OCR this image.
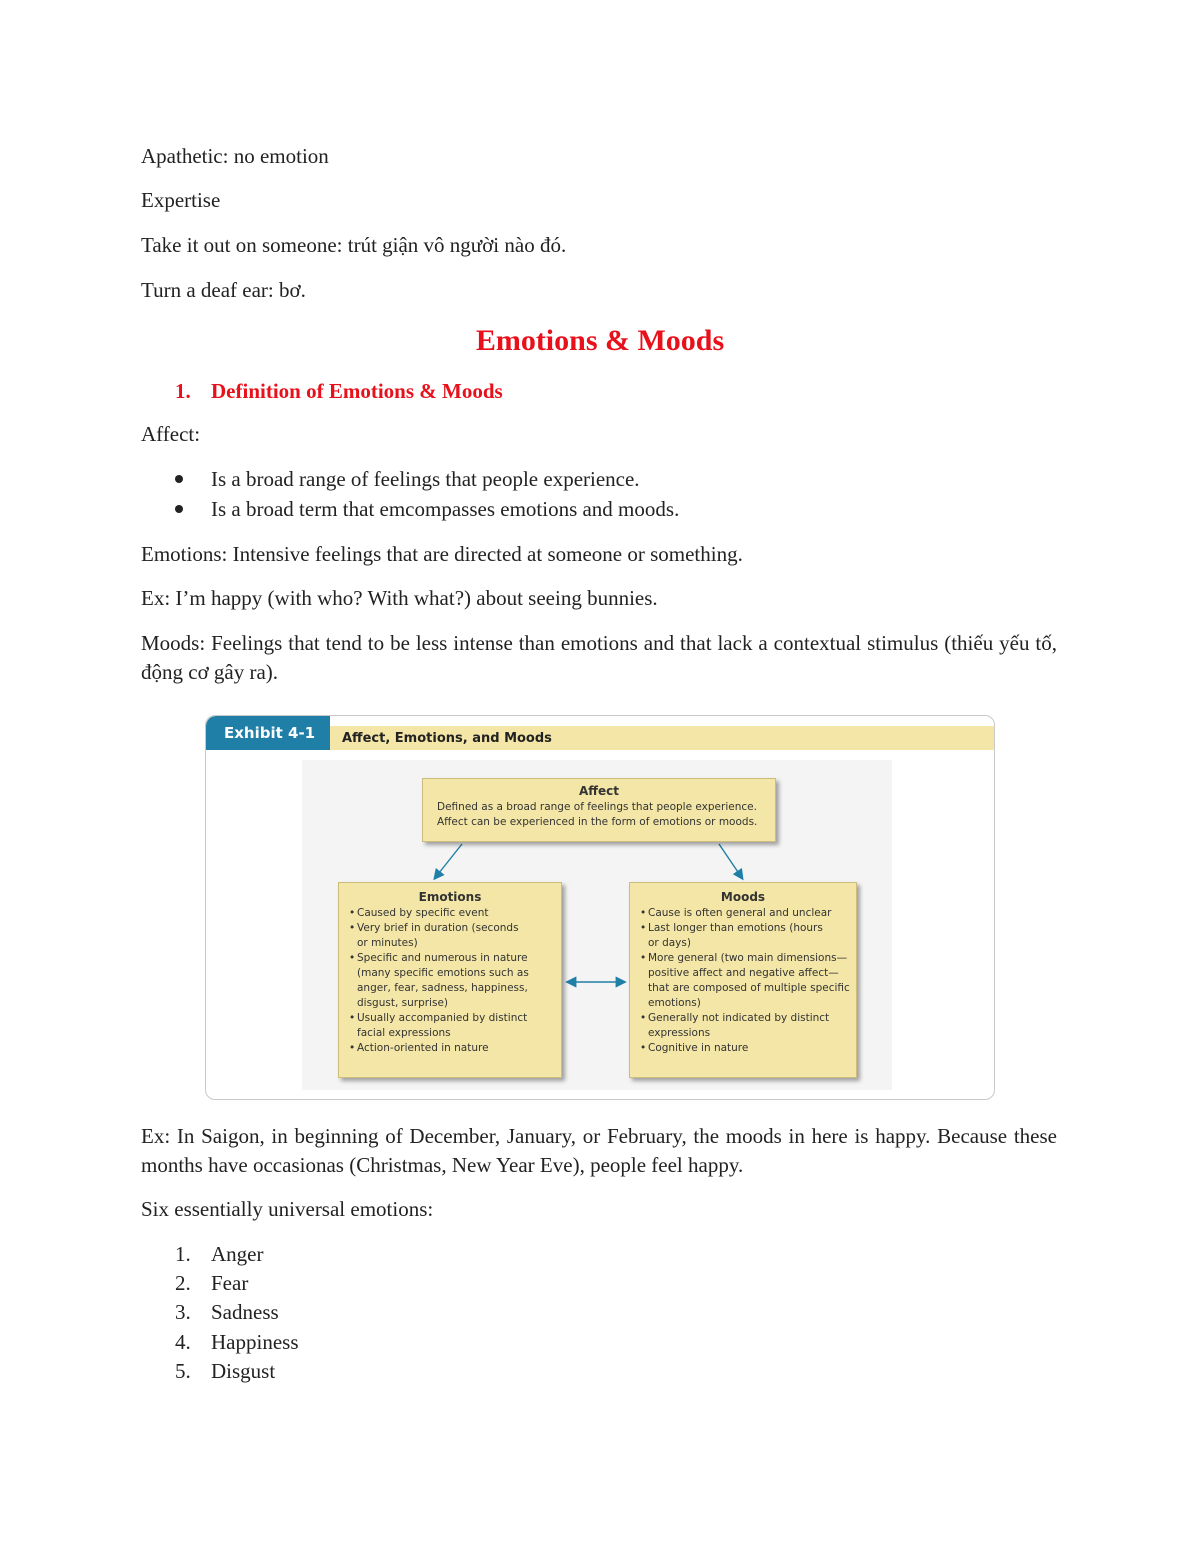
Apathetic: no emotion
Expertise
Take it out on someone: trút giận vô người nào đó.
Turn a deaf ear: bơ.
Emotions & Moods
1. Definition of Emotions & Moods
Affect:
Is a broad range of feelings that people experience.
Is a broad term that emcompasses emotions and moods.
Emotions: Intensive feelings that are directed at someone or something.
Ex: I’m happy (with who? With what?) about seeing bunnies.
Moods: Feelings that tend to be less intense than emotions and that lack a contextual stimulus (thiếu yếu tố, động cơ gây ra).
Affect, Emotions, and Moods
Exhibit 4-1
Affect
Defined as a broad range of feelings that people experience.
Affect can be experienced in the form of emotions or moods.
Emotions
• Caused by specific event
• Very brief in duration (seconds
or minutes)
• Specific and numerous in nature
(many specific emotions such as
anger, fear, sadness, happiness,
disgust, surprise)
• Usually accompanied by distinct
facial expressions
• Action-oriented in nature
Moods
• Cause is often general and unclear
• Last longer than emotions (hours
or days)
• More general (two main dimensions—
positive affect and negative affect—
that are composed of multiple specific
emotions)
• Generally not indicated by distinct
expressions
• Cognitive in nature
Ex: In Saigon, in beginning of December, January, or February, the moods in here is happy. Because these months have occasionas (Christmas, New Year Eve), people feel happy.
Six essentially universal emotions:
1. Anger
2. Fear
3. Sadness
4. Happiness
5. Disgust
